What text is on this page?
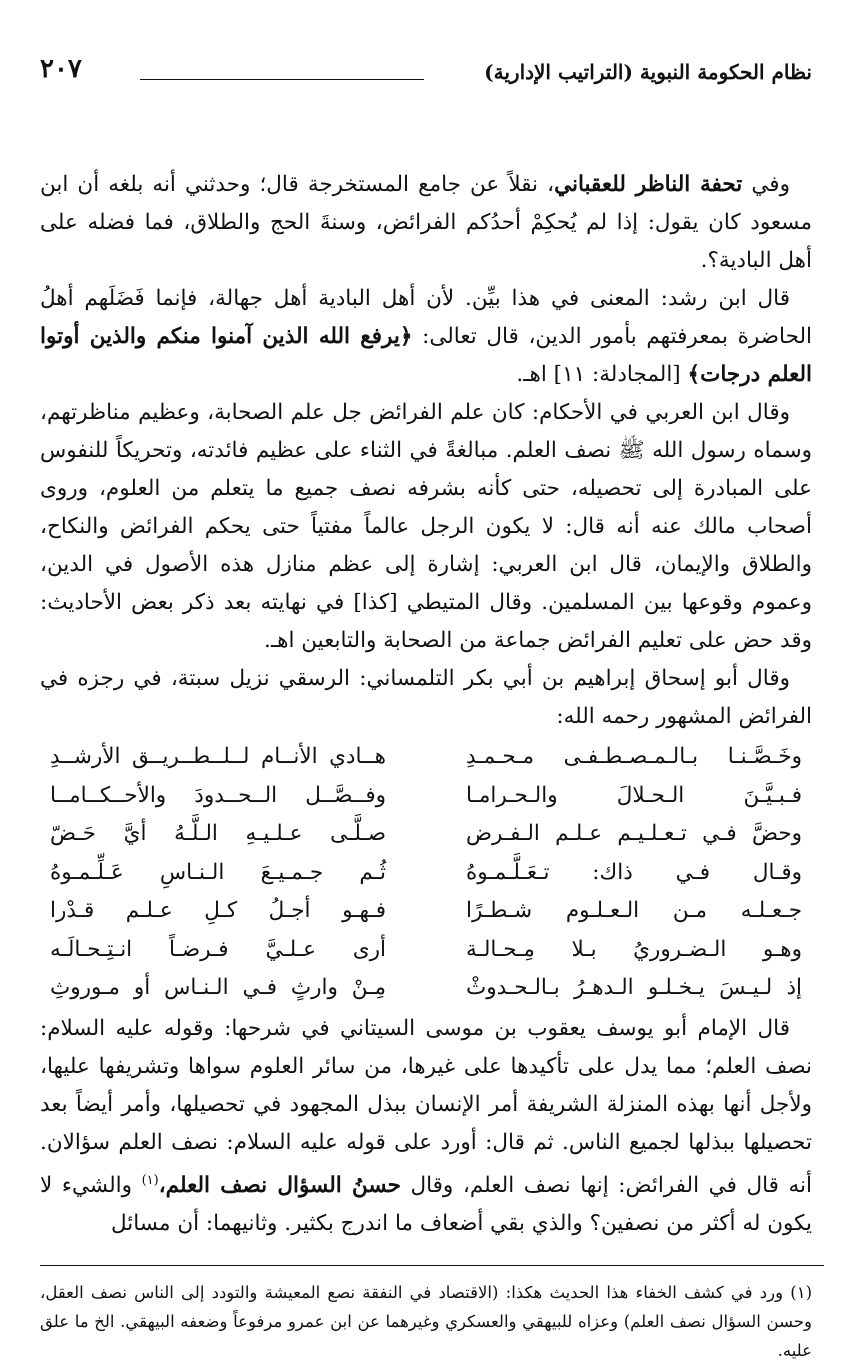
نظام الحكومة النبوية (التراتيب الإدارية)
٢٠٧

وفي تحفة الناظر للعقباني، نقلاً عن جامع المستخرجة قال؛ وحدثني أنه بلغه أن ابن مسعود كان يقول: إذا لم يُحكِمْ أحدُكم الفرائض، وسنةَ الحج والطلاق، فما فضله على أهل البادية؟.

قال ابن رشد: المعنى في هذا بيِّن. لأن أهل البادية أهل جهالة، فإنما فَضَلَهم أهلُ الحاضرة بمعرفتهم بأمور الدين، قال تعالى: ﴿يرفع الله الذين آمنوا منكم والذين أوتوا العلم درجات﴾ [المجادلة: ١١] اهـ.

وقال ابن العربي في الأحكام: كان علم الفرائض جل علم الصحابة، وعظيم مناظرتهم، وسماه رسول الله ﷺ نصف العلم. مبالغةً في الثناء على عظيم فائدته، وتحريكاً للنفوس على المبادرة إلى تحصيله، حتى كأنه بشرفه نصف جميع ما يتعلم من العلوم، وروى أصحاب مالك عنه أنه قال: لا يكون الرجل عالماً مفتياً حتى يحكم الفرائض والنكاح، والطلاق والإيمان، قال ابن العربي: إشارة إلى عظم منازل هذه الأصول في الدين، وعموم وقوعها بين المسلمين. وقال المتيطي [كذا] في نهايته بعد ذكر بعض الأحاديث: وقد حض على تعليم الفرائض جماعة من الصحابة والتابعين اهـ.

وقال أبو إسحاق إبراهيم بن أبي بكر التلمساني: الرسقي نزيل سبتة، في رجزه في الفرائض المشهور رحمه الله:

وخَـصَّـنـا بـالـمـصـطـفـى مـحـمـدِ
هــادي الأنــام لــلــطــريــق الأرشــدِ
فـبـيَّـنَ الـحـلالَ والـحـرامـا
وفــصَّــل الــحــدودَ والأحــكــامــا
وحضَّ فـي تـعـلـيـم عـلـم الـفـرض
صـلَّـى عـلـيـهِ الـلَّـهُ أيَّ حَـضّ
وقـال فـي ذاك: تـعَـلَّـمـوهُ
ثُـم جـمـيـعَ الـنـاسِ عَـلِّـمـوهُ
جـعـلـه مـن الـعـلـوم شـطـرًا
فـهـو أجـلُ كـلِ عـلـم قـدْرا
وهـو الـضـروريُ بـلا مِـحـالـة
أرى عـلـيَّ فـرضـاً انـتِـحـالَـه
إذ لـيـسَ يـخـلـو الـدهـرُ بـالـحـدوثْ
مِـنْ وارثٍ فـي الـنـاس أو مـوروثِ

قال الإمام أبو يوسف يعقوب بن موسى السيتاني في شرحها: وقوله عليه السلام: نصف العلم؛ مما يدل على تأكيدها على غيرها، من سائر العلوم سواها وتشريفها عليها، ولأجل أنها بهذه المنزلة الشريفة أمر الإنسان ببذل المجهود في تحصيلها، وأمر أيضاً بعد تحصيلها ببذلها لجميع الناس. ثم قال: أورد على قوله عليه السلام: نصف العلم سؤالان. أنه قال في الفرائض: إنها نصف العلم، وقال حسنُ السؤال نصف العلم،$^{(١)}$ والشيء لا يكون له أكثر من نصفين؟ والذي بقي أضعاف ما اندرج بكثير. وثانيهما: أن مسائل

(١) ورد في كشف الخفاء هذا الحديث هكذا: (الاقتصاد في النفقة نصع المعيشة والتودد إلى الناس نصف العقل، وحسن السؤال نصف العلم) وعزاه للبيهقي والعسكري وغيرهما عن ابن عمرو مرفوعاً وضعفه البيهقي. الخ ما علق عليه.
